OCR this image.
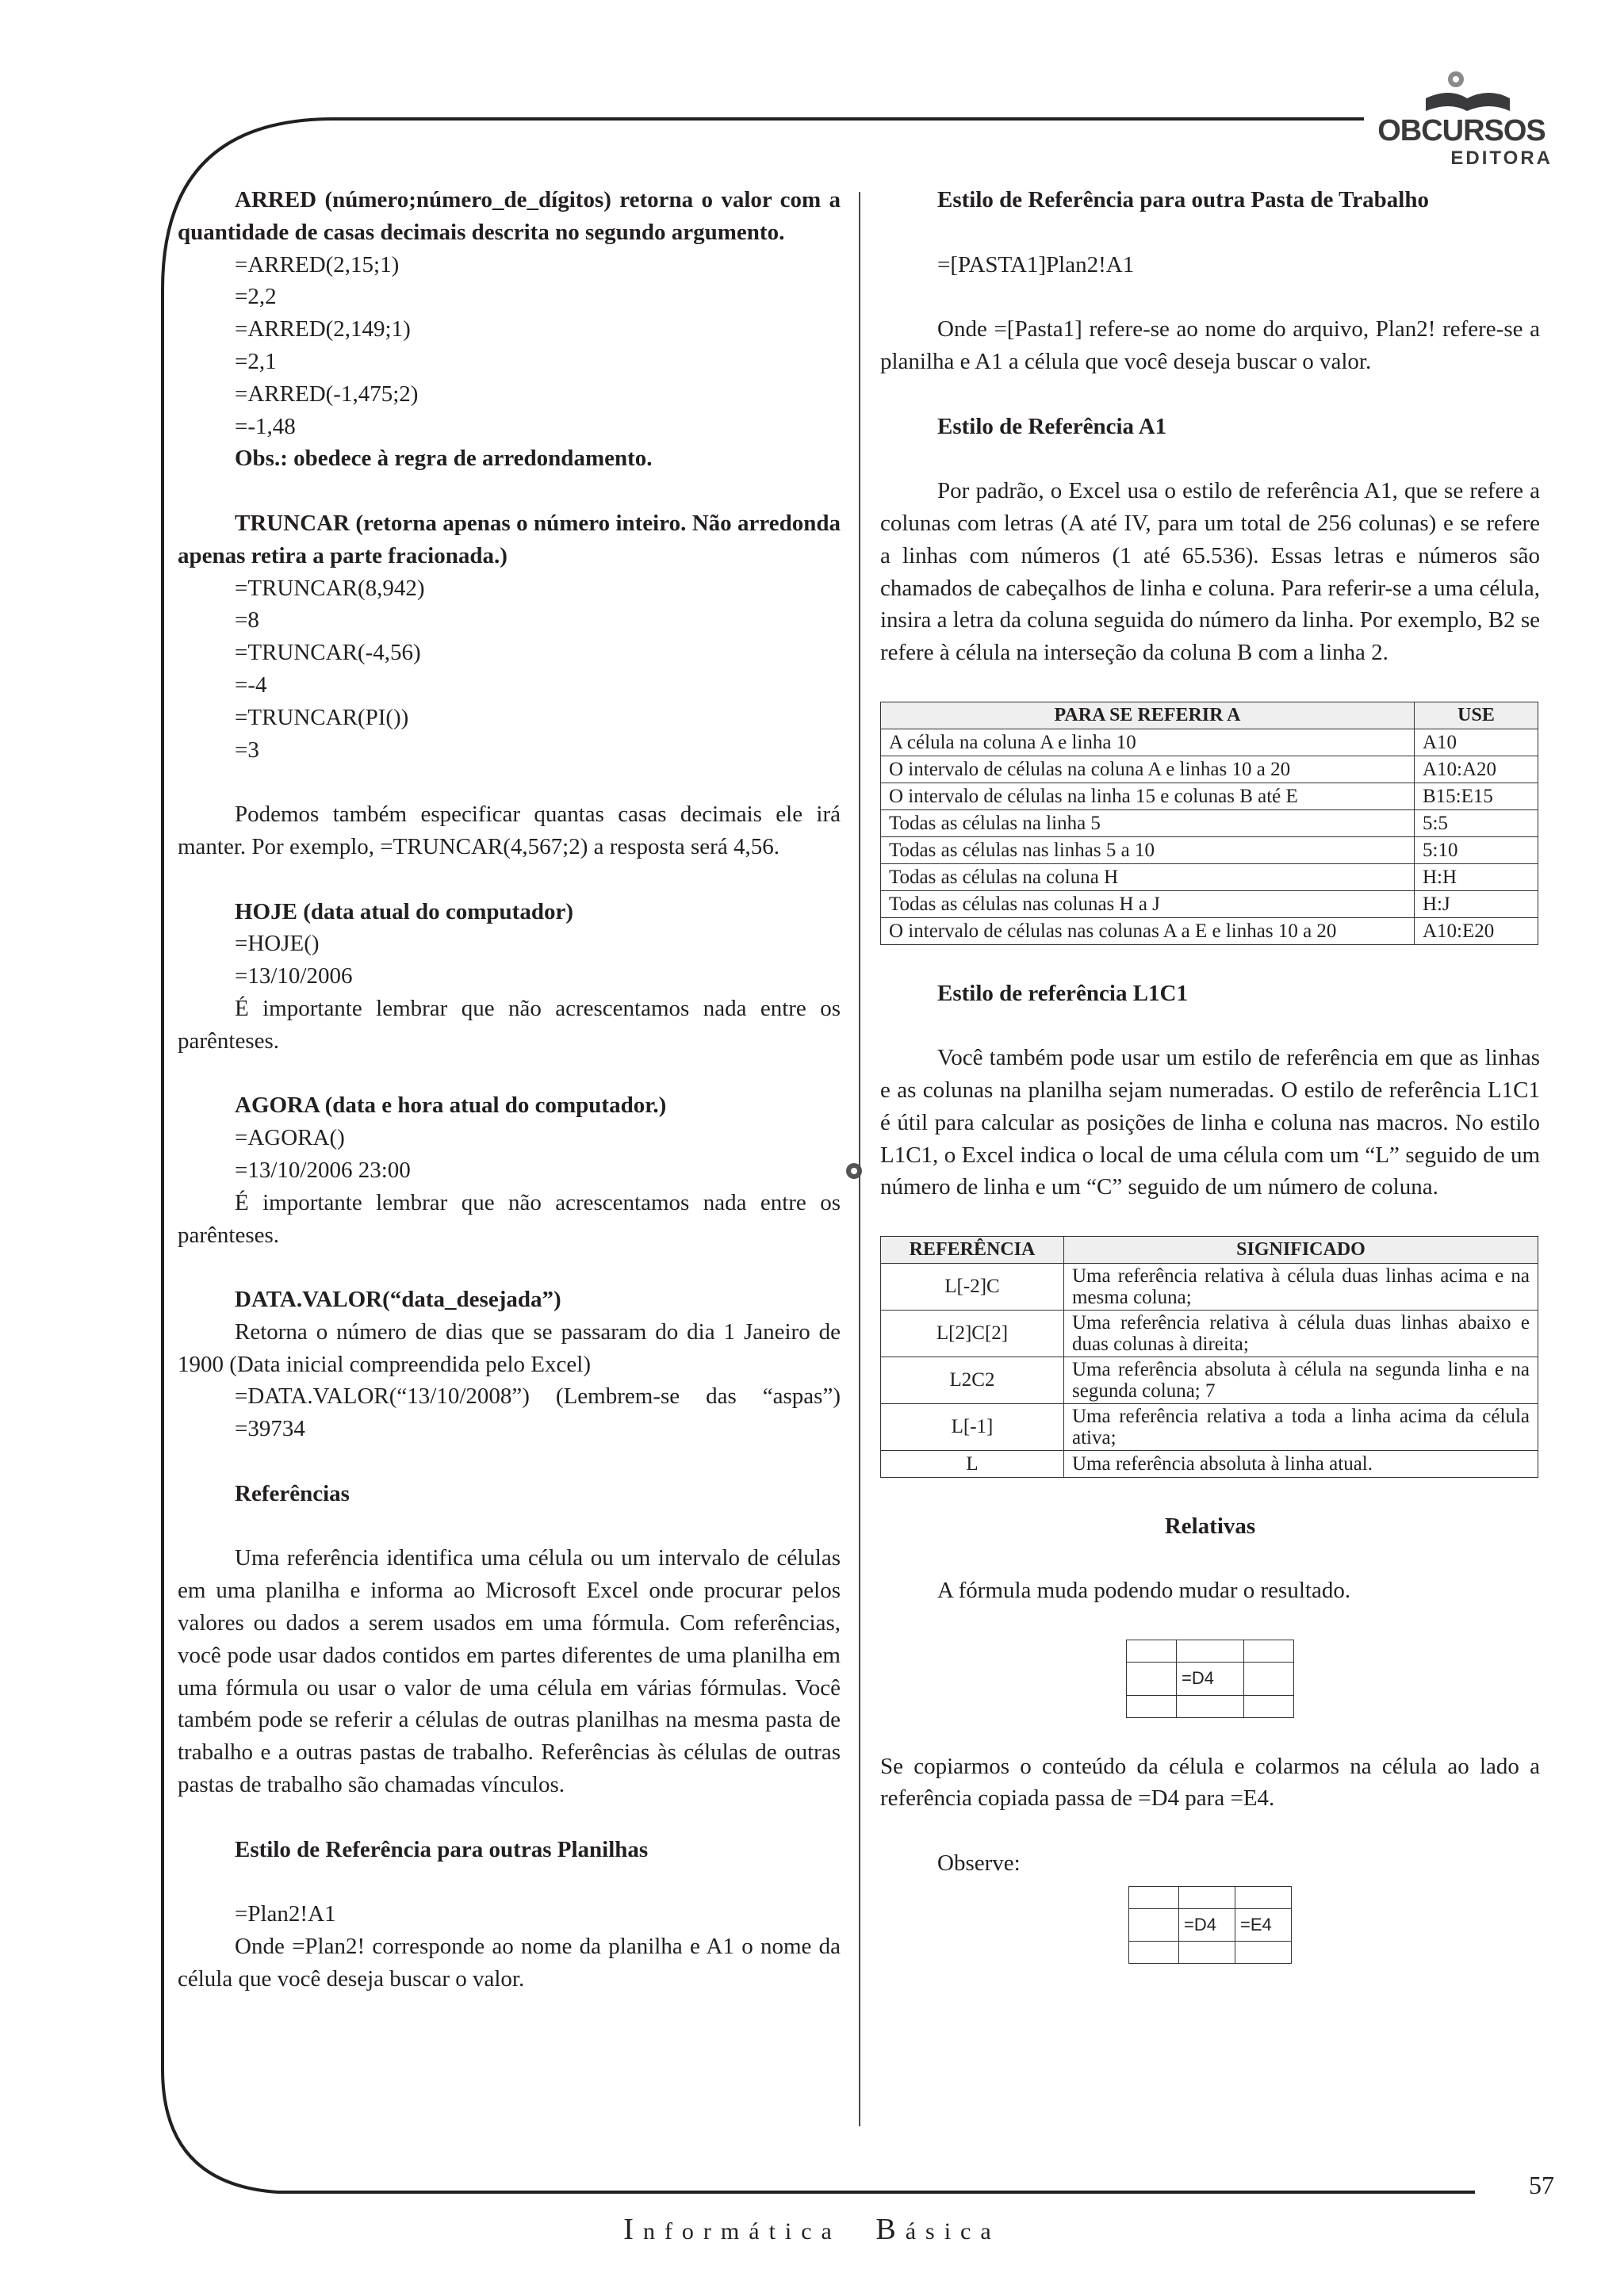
OBCURSOS
EDITORA

ARRED (número;número_de_dígitos) retorna o valor com a quantidade de casas decimais descrita no segundo argumento.

=ARRED(2,15;1)

=2,2

=ARRED(2,149;1)

=2,1

=ARRED(-1,475;2)

=-1,48

Obs.: obedece à regra de arredondamento.

TRUNCAR (retorna apenas o número inteiro. Não arredonda apenas retira a parte fracionada.)

=TRUNCAR(8,942)

=8

=TRUNCAR(-4,56)

=-4

=TRUNCAR(PI())

=3

Podemos também especificar quantas casas decimais ele irá manter. Por exemplo, =TRUNCAR(4,567;2) a resposta será 4,56.

HOJE (data atual do computador)

=HOJE()

=13/10/2006

É importante lembrar que não acrescentamos nada entre os parênteses.

AGORA (data e hora atual do computador.)

=AGORA()

=13/10/2006 23:00

É importante lembrar que não acrescentamos nada entre os parênteses.

DATA.VALOR(“data_desejada”)

Retorna o número de dias que se passaram do dia 1 Janeiro de 1900 (Data inicial compreendida pelo Excel)

=DATA.VALOR(“13/10/2008”) (Lembrem-se das “aspas”)

=39734

Referências

Uma referência identifica uma célula ou um intervalo de células em uma planilha e informa ao Microsoft Excel onde procurar pelos valores ou dados a serem usados em uma fórmula. Com referências, você pode usar dados contidos em partes diferentes de uma planilha em uma fórmula ou usar o valor de uma célula em várias fórmulas. Você também pode se referir a células de outras planilhas na mesma pasta de trabalho e a outras pastas de trabalho. Referências às células de outras pastas de trabalho são chamadas vínculos.

Estilo de Referência para outras Planilhas

=Plan2!A1

Onde =Plan2! corresponde ao nome da planilha e A1 o nome da célula que você deseja buscar o valor.

Estilo de Referência para outra Pasta de Trabalho

=[PASTA1]Plan2!A1

Onde =[Pasta1] refere-se ao nome do arquivo, Plan2! refere-se a planilha e A1 a célula que você deseja buscar o valor.

Estilo de Referência A1

Por padrão, o Excel usa o estilo de referência A1, que se refere a colunas com letras (A até IV, para um total de 256 colunas) e se refere a linhas com números (1 até 65.536). Essas letras e números são chamados de cabeçalhos de linha e coluna. Para referir-se a uma célula, insira a letra da coluna seguida do número da linha. Por exemplo, B2 se refere à célula na interseção da coluna B com a linha 2.

PARA SE REFERIR A	USE
A célula na coluna A e linha 10	A10
O intervalo de células na coluna A e linhas 10 a 20	A10:A20
O intervalo de células na linha 15 e colunas B até E	B15:E15
Todas as células na linha 5	5:5
Todas as células nas linhas 5 a 10	5:10
Todas as células na coluna H	H:H
Todas as células nas colunas H a J	H:J
O intervalo de células nas colunas A a E e linhas 10 a 20	A10:E20

Estilo de referência L1C1

Você também pode usar um estilo de referência em que as linhas e as colunas na planilha sejam numeradas. O estilo de referência L1C1 é útil para calcular as posições de linha e coluna nas macros. No estilo L1C1, o Excel indica o local de uma célula com um “L” seguido de um número de linha e um “C” seguido de um número de coluna.

REFERÊNCIA	SIGNIFICADO
L[-2]C	Uma referência relativa à célula duas linhas acima e na mesma coluna;
L[2]C[2]	Uma referência relativa à célula duas linhas abaixo e duas colunas à direita;
L2C2	Uma referência absoluta à célula na segunda linha e na segunda coluna; 7
L[-1]	Uma referência relativa a toda a linha acima da célula ativa;
L	Uma referência absoluta à linha atual.

Relativas

A fórmula muda podendo mudar o resultado.

	=D4	

Se copiarmos o conteúdo da célula e colarmos na célula ao lado a referência copiada passa de =D4 para =E4.

Observe:

	=D4	=E4

57
Informática Básica
